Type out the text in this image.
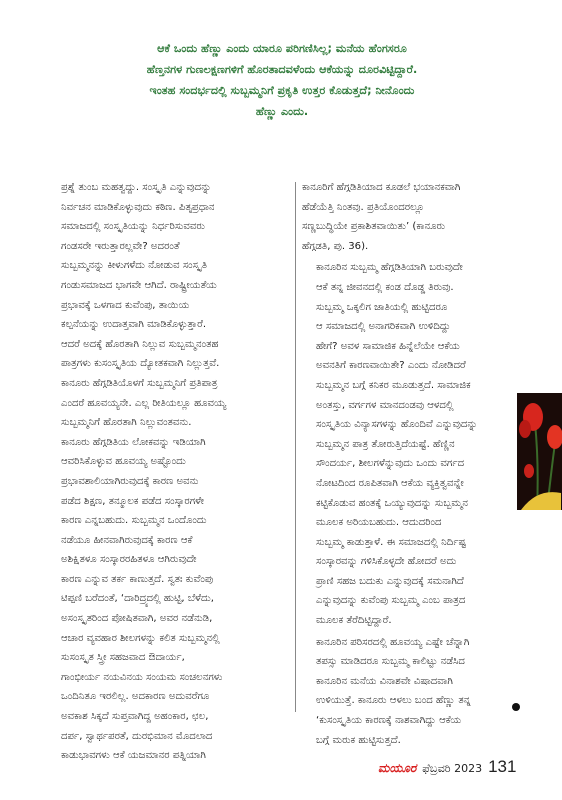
ಆಕೆ ಒಂದು ಹೆಣ್ಣು ಎಂದು ಯಾರೂ ಪರಿಗಣಿಸಿಲ್ಲ; ಮನೆಯ ಹೆಂಗಸರೂ
ಹೆಣ್ತನಗಳ ಗುಣಲಕ್ಷಣಗಳಿಗೆ ಹೊರತಾದವಳೆಂದು ಆಕೆಯನ್ನು ದೂರವಿಟ್ಟಿದ್ದಾರೆ.
ಇಂತಹ ಸಂದರ್ಭದಲ್ಲಿ ಸುಬ್ಬಮ್ಮನಿಗೆ ಪ್ರಕೃತಿ ಉತ್ತರ ಕೊಡುತ್ತದೆ; ನೀನೊಂದು
ಹೆಣ್ಣು ಎಂದು.
ಪ್ರಶ್ನೆ ತುಂಬ ಮಹತ್ವದ್ದು. ಸಂಸ್ಕೃತಿ ಎನ್ನುವುದನ್ನು
ನಿರ್ವಚನ ಮಾಡಿಕೊಳ್ಳುವುದು ಕಠಿಣ. ಪಿತೃಪ್ರಧಾನ
ಸಮಾಜದಲ್ಲಿ ಸಂಸ್ಕೃತಿಯನ್ನು ನಿರ್ಧರಿಸುವವರು
ಗಂಡಸರೇ ಇರುತ್ತಾರಲ್ಲವೇ? ಅದರಂತೆ
ಸುಬ್ಬಮ್ಮನನ್ನು ಕೀಳುಗಳೆದು ನೋಡುವ ಸಂಸ್ಕೃತಿ
ಗಂಡುಸಮಾಜದ ಭಾಗವೇ ಆಗಿದೆ. ರಾಷ್ಟ್ರೀಯತೆಯ
ಪ್ರಭಾವಕ್ಕೆ ಒಳಗಾದ ಕುವೆಂಪು, ತಾಯಿಯ
ಕಲ್ಪನೆಯನ್ನು ಉದಾತ್ತವಾಗಿ ಮಾಡಿಕೊಳ್ಳುತ್ತಾರೆ.
ಆದರೆ ಅದಕ್ಕೆ ಹೊರತಾಗಿ ನಿಲ್ಲುವ ಸುಬ್ಬಮ್ಮನಂತಹ
ಪಾತ್ರಗಳು ಕುಸಂಸ್ಕೃತಿಯ ದ್ಯೋತಕವಾಗಿ ನಿಲ್ಲುತ್ತವೆ.
ಕಾನೂರು ಹೆಗ್ಗಡಿತಿಯೊಳಗೆ ಸುಬ್ಬಮ್ಮನಿಗೆ ಪ್ರತಿಪಾತ್ರ
ಎಂದರೆ ಹೂವಯ್ಯನೇ. ಎಲ್ಲ ರೀತಿಯಲ್ಲೂ ಹೂವಯ್ಯ
ಸುಬ್ಬಮ್ಮನಿಗೆ ಹೊರತಾಗಿ ನಿಲ್ಲುವಂತವನು.
ಕಾನೂರು ಹೆಗ್ಗಡಿತಿಯ ಲೋಕವನ್ನು ಇಡಿಯಾಗಿ
ಆವರಿಸಿಕೊಳ್ಳುವ ಹೂವಯ್ಯ ಅಷ್ಟೊಂದು
ಪ್ರಭಾವಶಾಲಿಯಾಗಿರುವುದಕ್ಕೆ ಕಾರಣ ಅವನು
ಪಡೆದ ಶಿಕ್ಷಣ, ತನ್ಮೂಲಕ ಪಡೆದ ಸಂಸ್ಕಾರಗಳೇ
ಕಾರಣ ಎನ್ನಬಹುದು. ಸುಬ್ಬಮ್ಮನ ಒಂದೊಂದು
ನಡೆಯೂ ಹೀನವಾಗಿರುವುದಕ್ಕೆ ಕಾರಣ ಆಕೆ
ಅಶಿಕ್ಷಿತಳೂ ಸಂಸ್ಕಾರರಹಿತಳೂ ಆಗಿರುವುದೇ
ಕಾರಣ ಎನ್ನುವ ತರ್ಕ ಕಾಣುತ್ತದೆ. ಸ್ವತಃ ಕುವೆಂಪು
ಟಿಪ್ಪಣಿ ಬರೆದಂತೆ, ‘ದಾರಿದ್ರ್ಯದಲ್ಲಿ ಹುಟ್ಟಿ, ಬೆಳೆದು,
ಅಸಂಸ್ಕೃತರಿಂದ ಪೋಷಿತವಾಗಿ, ಅವರ ನಡೆನುಡಿ,
ಆಚಾರ ವ್ಯವಹಾರ ಶೀಲಗಳನ್ನು ಕಲಿತ ಸುಬ್ಬಮ್ಮನಲ್ಲಿ
ಸುಸಂಸ್ಕೃತ ಸ್ತ್ರೀ ಸಹಜವಾದ ಔದಾರ್ಯ,
ಗಾಂಭೀರ್ಯ ನಯವಿನಯ ಸಂಯಮ ಸಂಚಲನಗಳು
ಒಂದಿನಿತೂ ಇರಲಿಲ್ಲ. ಅದಕಾರಣ ಅದುವರೆಗೂ
ಅವಕಾಶ ಸಿಕ್ಕದೆ ಸುಪ್ತವಾಗಿದ್ದ ಅಹಂಕಾರ, ಛಲ,
ದರ್ಪ, ಸ್ವಾರ್ಥಪರತೆ, ದುರಭಿಮಾನ ಮೊದಲಾದ
ಕಾಡುಭಾವಗಳು ಆಕೆ ಯಜಮಾನರ ಪತ್ನಿಯಾಗಿ

ಕಾನೂರಿಗೆ ಹೆಗ್ಗಡಿತಿಯಾದ ಕೂಡಲೆ ಭಯಾನಕವಾಗಿ
ಹೆಡೆಯೆತ್ತಿ ನಿಂತವು. ಪ್ರತಿಯೊಂದರಲ್ಲೂ
ಸಣ್ಣಬುದ್ಧಿಯೇ ಪ್ರಕಾಶಿತವಾಯಿತು’ (ಕಾನೂರು
ಹೆಗ್ಗಡತಿ, ಪು. 36).

ಕಾನೂರಿನ ಸುಬ್ಬಮ್ಮ ಹೆಗ್ಗಡಿತಿಯಾಗಿ ಬರುವುದೇ
ಆಕೆ ತನ್ನ ಜೀವನದಲ್ಲಿ ಕಂಡ ದೊಡ್ಡ ತಿರುವು.
ಸುಬ್ಬಮ್ಮ ಒಕ್ಕಲಿಗ ಜಾತಿಯಲ್ಲಿ ಹುಟ್ಟಿದರೂ
ಆ ಸಮಾಜದಲ್ಲಿ ಅನಾಗರಿಕವಾಗಿ ಉಳಿದಿದ್ದು
ಹೇಗೆ? ಅವಳ ಸಾಮಾಜಿಕ ಹಿನ್ನೆಲೆಯೇ ಆಕೆಯ
ಅವನತಿಗೆ ಕಾರಣವಾಯಿತೇ? ಎಂದು ನೋಡಿದರೆ
ಸುಬ್ಬಮ್ಮನ ಬಗ್ಗೆ ಕನಿಕರ ಮೂಡುತ್ತದೆ. ಸಾಮಾಜಿಕ
ಅಂತಸ್ತು, ವರ್ಗಗಳ ಮಾನದಂಡವು ಆಳದಲ್ಲಿ
ಸಂಸ್ಕೃತಿಯ ವಿನ್ಯಾಸಗಳನ್ನು ಹೊಂದಿವೆ ಎನ್ನುವುದನ್ನು
ಸುಬ್ಬಮ್ಮನ ಪಾತ್ರ ತೋರುತ್ತಿದೆಯಷ್ಟೆ. ಹೆಣ್ಣಿನ
ಸೌಂದರ್ಯ, ಶೀಲಗಳೆನ್ನುವುದು ಒಂದು ವರ್ಗದ
ನೋಟದಿಂದ ರೂಪಿತವಾಗಿ ಆಕೆಯ ವ್ಯಕ್ತಿತ್ವವನ್ನೇ
ಕಟ್ಟಿಕೊಡುವ ಹಂತಕ್ಕೆ ಒಯ್ಯುವುದನ್ನು ಸುಬ್ಬಮ್ಮನ
ಮೂಲಕ ಅರಿಯಬಹುದು. ಆದುದರಿಂದ
ಸುಬ್ಬಮ್ಮ ಕಾಡುತ್ತಾಳೆ. ಈ ಸಮಾಜದಲ್ಲಿ ನಿರ್ದಿಷ್ಟ
ಸಂಸ್ಕಾರವನ್ನು ಗಳಿಸಿಕೊಳ್ಳದೇ ಹೋದರೆ ಅದು
ಪ್ರಾಣಿ ಸಹಜ ಬದುಕು ಎನ್ನುವುದಕ್ಕೆ ಸಮನಾಗಿದೆ
ಎನ್ನುವುದನ್ನು ಕುವೆಂಪು ಸುಬ್ಬಮ್ಮ ಎಂಬ ಪಾತ್ರದ
ಮೂಲಕ ತೆರೆದಿಟ್ಟಿದ್ದಾರೆ.

ಕಾನೂರಿನ ಪರಿಸರದಲ್ಲಿ ಹೂವಯ್ಯ ಎಷ್ಟೇ ಚೆನ್ನಾಗಿ
ತಪಸ್ಸು ಮಾಡಿದರೂ ಸುಬ್ಬಮ್ಮ ಕಾಲಿಟ್ಟು ನಡೆಸಿದ
ಕಾನೂರಿನ ಮನೆಯ ವಿನಾಶವೇ ವಿಷಾದವಾಗಿ
ಉಳಿಯುತ್ತೆ. ಕಾನೂರು ಆಳಲು ಬಂದ ಹೆಣ್ಣು ತನ್ನ
‘ಕುಸಂಸ್ಕೃತಿಯ ಕಾರಣಕ್ಕೆ ನಾಶವಾಗಿದ್ದು ಆಕೆಯ
ಬಗ್ಗೆ ಮರುಕ ಹುಟ್ಟಿಸುತ್ತದೆ.

ಮಯೂರ ಫೆಬ್ರವರಿ 2023 131
